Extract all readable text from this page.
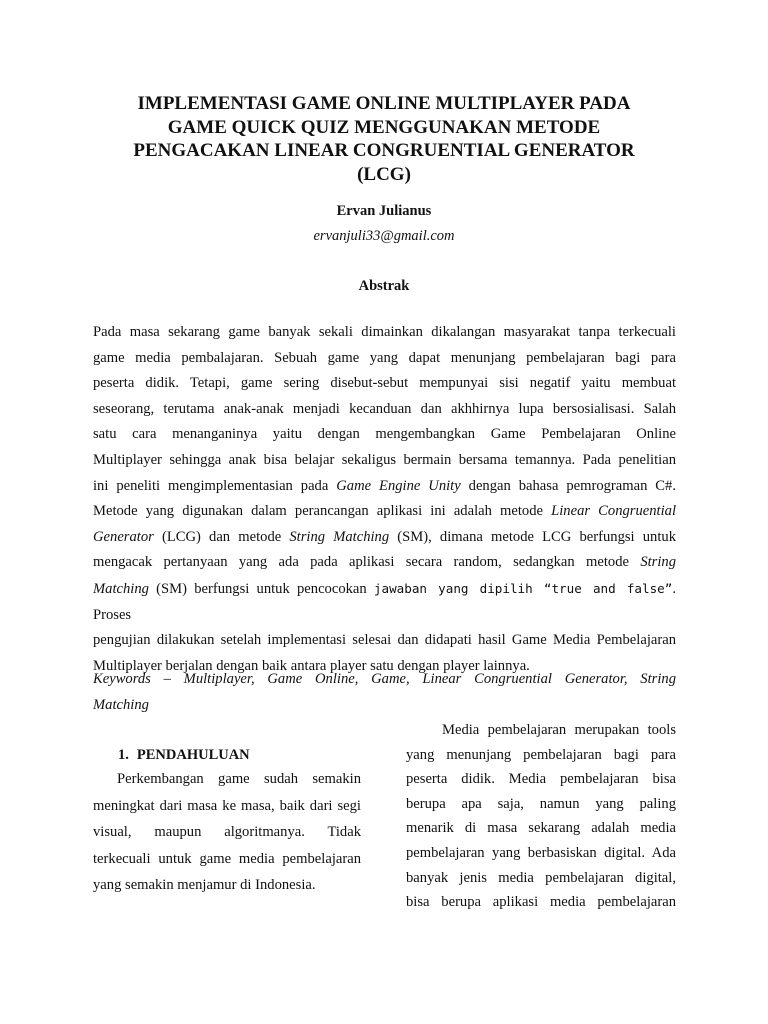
IMPLEMENTASI GAME ONLINE MULTIPLAYER PADA
GAME QUICK QUIZ MENGGUNAKAN METODE
PENGACAKAN LINEAR CONGRUENTIAL GENERATOR
(LCG)
Ervan Julianus
ervanjuli33@gmail.com
Abstrak
Pada masa sekarang game banyak sekali dimainkan dikalangan masyarakat tanpa terkecuali
game media pembalajaran. Sebuah game yang dapat menunjang pembelajaran bagi para
peserta didik. Tetapi, game sering disebut-sebut mempunyai sisi negatif yaitu membuat
seseorang, terutama anak-anak menjadi kecanduan dan akhhirnya lupa bersosialisasi. Salah
satu cara menanganinya yaitu dengan mengembangkan Game Pembelajaran Online
Multiplayer sehingga anak bisa belajar sekaligus bermain bersama temannya. Pada penelitian
ini peneliti mengimplementasian pada Game Engine Unity dengan bahasa pemrograman C#.
Metode yang digunakan dalam perancangan aplikasi ini adalah metode Linear Congruential
Generator (LCG) dan metode String Matching (SM), dimana metode LCG berfungsi untuk
mengacak pertanyaan yang ada pada aplikasi secara random, sedangkan metode String
Matching (SM) berfungsi untuk pencocokan jawaban yang dipilih “true and false”. Proses
pengujian dilakukan setelah implementasi selesai dan didapati hasil Game Media Pembelajaran
Multiplayer berjalan dengan baik antara player satu dengan player lainnya.
Keywords – Multiplayer, Game Online, Game, Linear Congruential Generator, String
Matching
1. PENDAHULUAN
Perkembangan game sudah semakin
meningkat dari masa ke masa, baik dari segi
visual, maupun algoritmanya. Tidak
terkecuali untuk game media pembelajaran
yang semakin menjamur di Indonesia.
Media pembelajaran merupakan tools
yang menunjang pembelajaran bagi para
peserta didik. Media pembelajaran bisa
berupa apa saja, namun yang paling
menarik di masa sekarang adalah media
pembelajaran yang berbasiskan digital. Ada
banyak jenis media pembelajaran digital,
bisa berupa aplikasi media pembelajaran
